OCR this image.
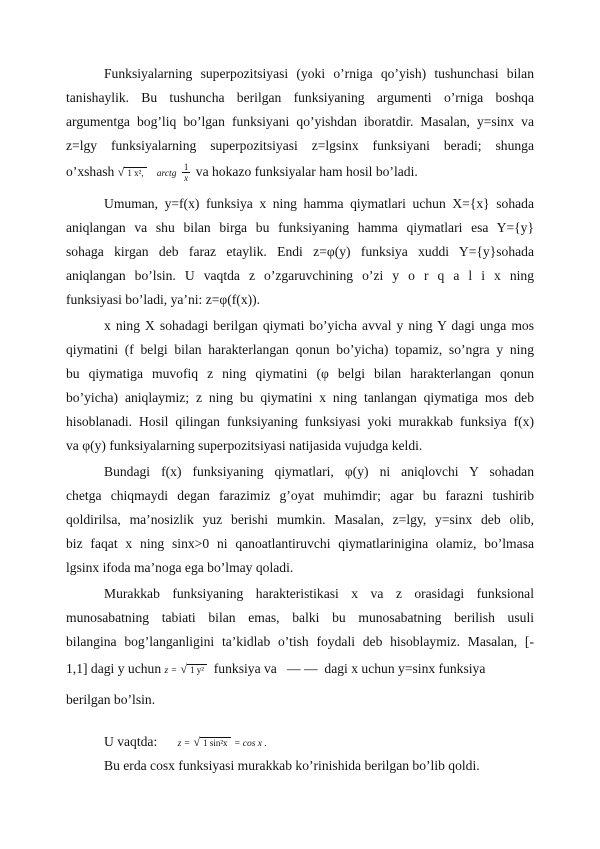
Funksiyalarning superpozitsiyasi (yoki o’rniga qo’yish) tushunchasi bilan
tanishaylik. Bu tushuncha berilgan funksiyaning argumenti o’rniga boshqa
argumentga bog’liq bo’lgan funksiyani qo’yishdan iboratdir. Masalan, y=sinx va
z=lgy funksiyalarning superpozitsiyasi z=lgsinx funksiyani beradi; shunga
o’xshash √ 1 x², arctg $\frac{1}{x}$ va hokazo funksiyalar ham hosil bo’ladi.
Umuman, y=f(x) funksiya x ning hamma qiymatlari uchun X={x} sohada
aniqlangan va shu bilan birga bu funksiyaning hamma qiymatlari esa Y={y}
sohaga kirgan deb faraz etaylik. Endi z=φ(y) funksiya xuddi Y={y}sohada
aniqlangan bo’lsin. U vaqtda z o’zgaruvchining o’zi y o r q a l i x ning
funksiyasi bo’ladi, ya’ni: z=φ(f(x)).
x ning X sohadagi berilgan qiymati bo’yicha avval y ning Y dagi unga mos
qiymatini (f belgi bilan harakterlangan qonun bo’yicha) topamiz, so’ngra y ning
bu qiymatiga muvofiq z ning qiymatini (φ belgi bilan harakterlangan qonun
bo’yicha) aniqlaymiz; z ning bu qiymatini x ning tanlangan qiymatiga mos deb
hisoblanadi. Hosil qilingan funksiyaning funksiyasi yoki murakkab funksiya f(x)
va φ(y) funksiyalarning superpozitsiyasi natijasida vujudga keldi.
Bundagi f(x) funksiyaning qiymatlari, φ(y) ni aniqlovchi Y sohadan
chetga chiqmaydi degan farazimiz g’oyat muhimdir; agar bu farazni tushirib
qoldirilsa, ma’nosizlik yuz berishi mumkin. Masalan, z=lgy, y=sinx deb olib,
biz faqat x ning sinx>0 ni qanoatlantiruvchi qiymatlarinigina olamiz, bo’lmasa
lgsinx ifoda ma’noga ega bo’lmay qoladi.
Murakkab funksiyaning harakteristikasi x va z orasidagi funksional
munosabatning tabiati bilan emas, balki bu munosabatning berilish usuli
bilangina bog’langanligini ta’kidlab o’tish foydali deb hisoblaymiz. Masalan, [-
1,1] dagi y uchun z = √ 1 y² funksiya va — — dagi x uchun y=sinx funksiya
berilgan bo’lsin.
U vaqtda: z = √ 1 sin²x = cos x .
Bu erda cosx funksiyasi murakkab ko’rinishida berilgan bo’lib qoldi.
